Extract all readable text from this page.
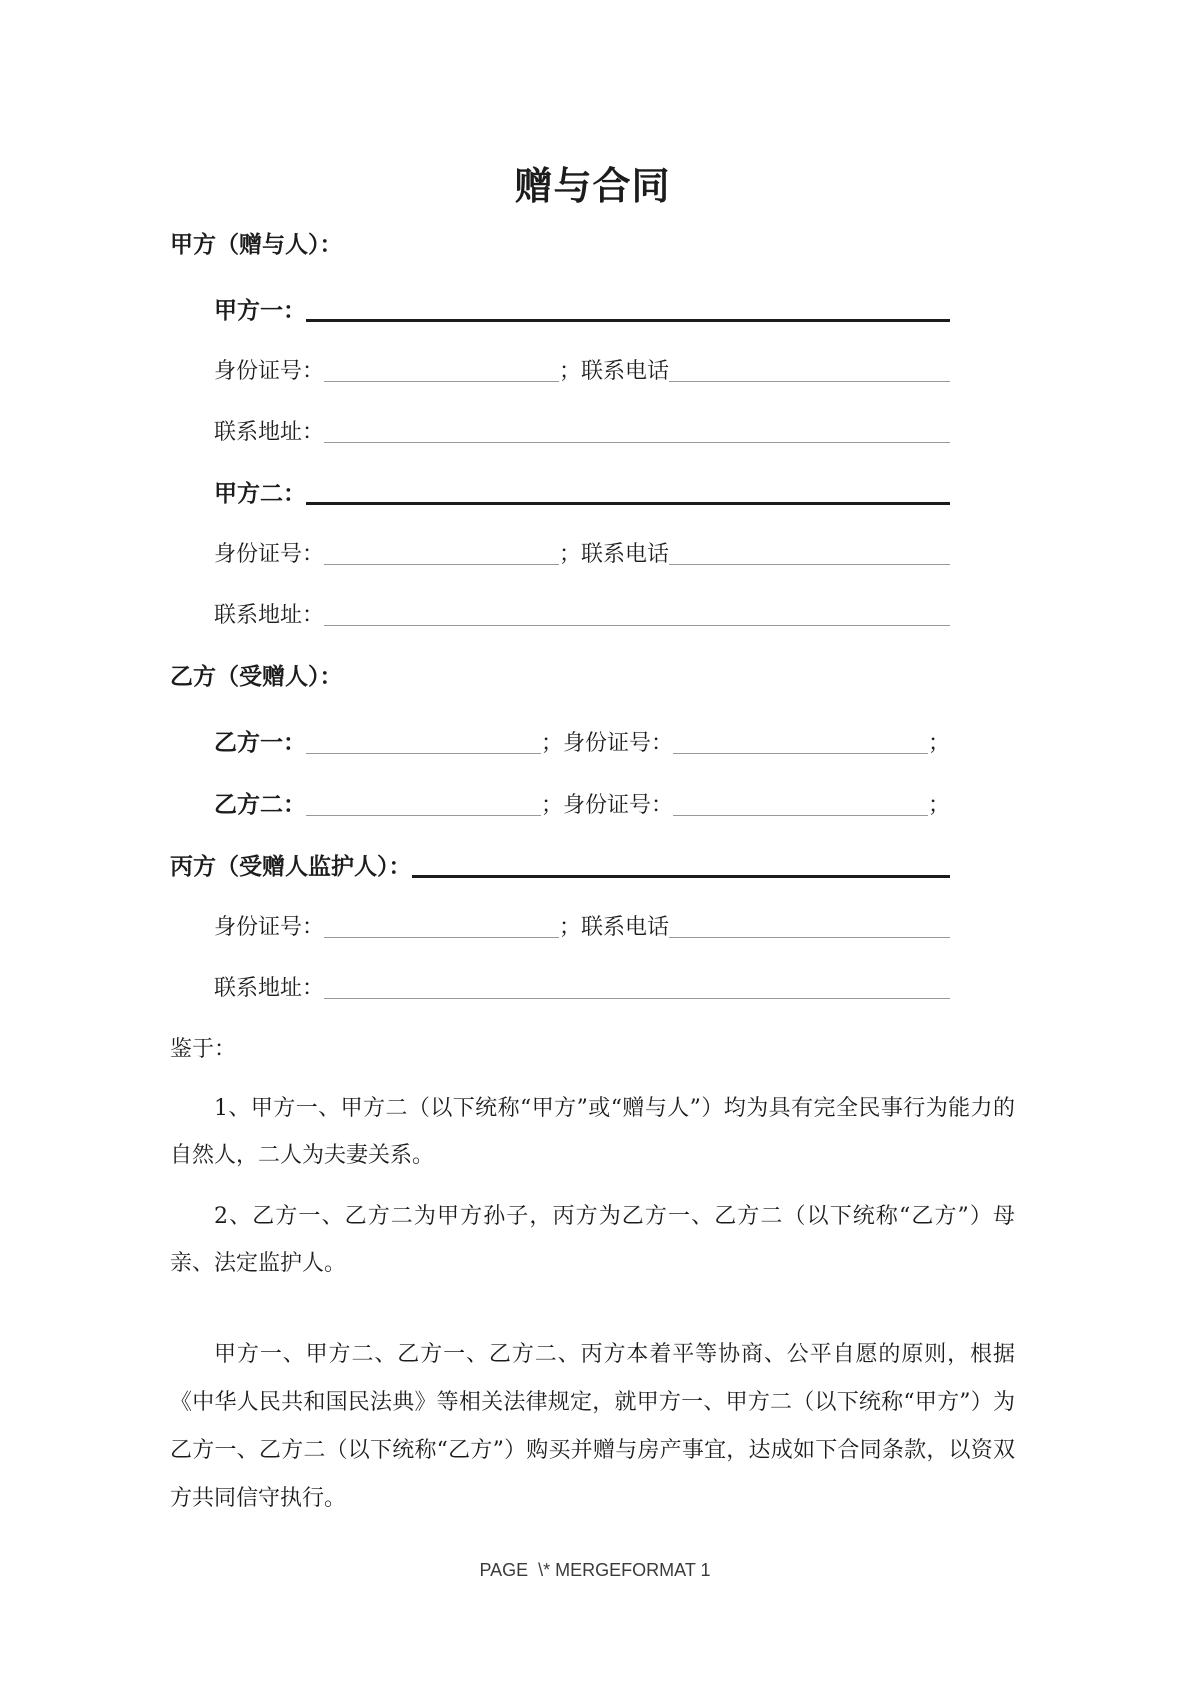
赠与合同

甲方（赠与人）：

甲方一：
身份证号：	；联系电话
联系地址：
甲方二：
身份证号：	；联系电话
联系地址：

乙方（受赠人）：

乙方一：	；身份证号：	；
乙方二：	；身份证号：	；
丙方（受赠人监护人）：
身份证号：	；联系电话
联系地址：

鉴于：

1、甲方一、甲方二（以下统称“甲方”或“赠与人”）均为具有完全民事行为能力的自然人，二人为夫妻关系。

2、乙方一、乙方二为甲方孙子，丙方为乙方一、乙方二（以下统称“乙方”）母亲、法定监护人。

甲方一、甲方二、乙方一、乙方二、丙方本着平等协商、公平自愿的原则，根据《中华人民共和国民法典》等相关法律规定，就甲方一、甲方二（以下统称“甲方”）为乙方一、乙方二（以下统称“乙方”）购买并赠与房产事宜，达成如下合同条款，以资双方共同信守执行。

PAGE  \* MERGEFORMAT 1
